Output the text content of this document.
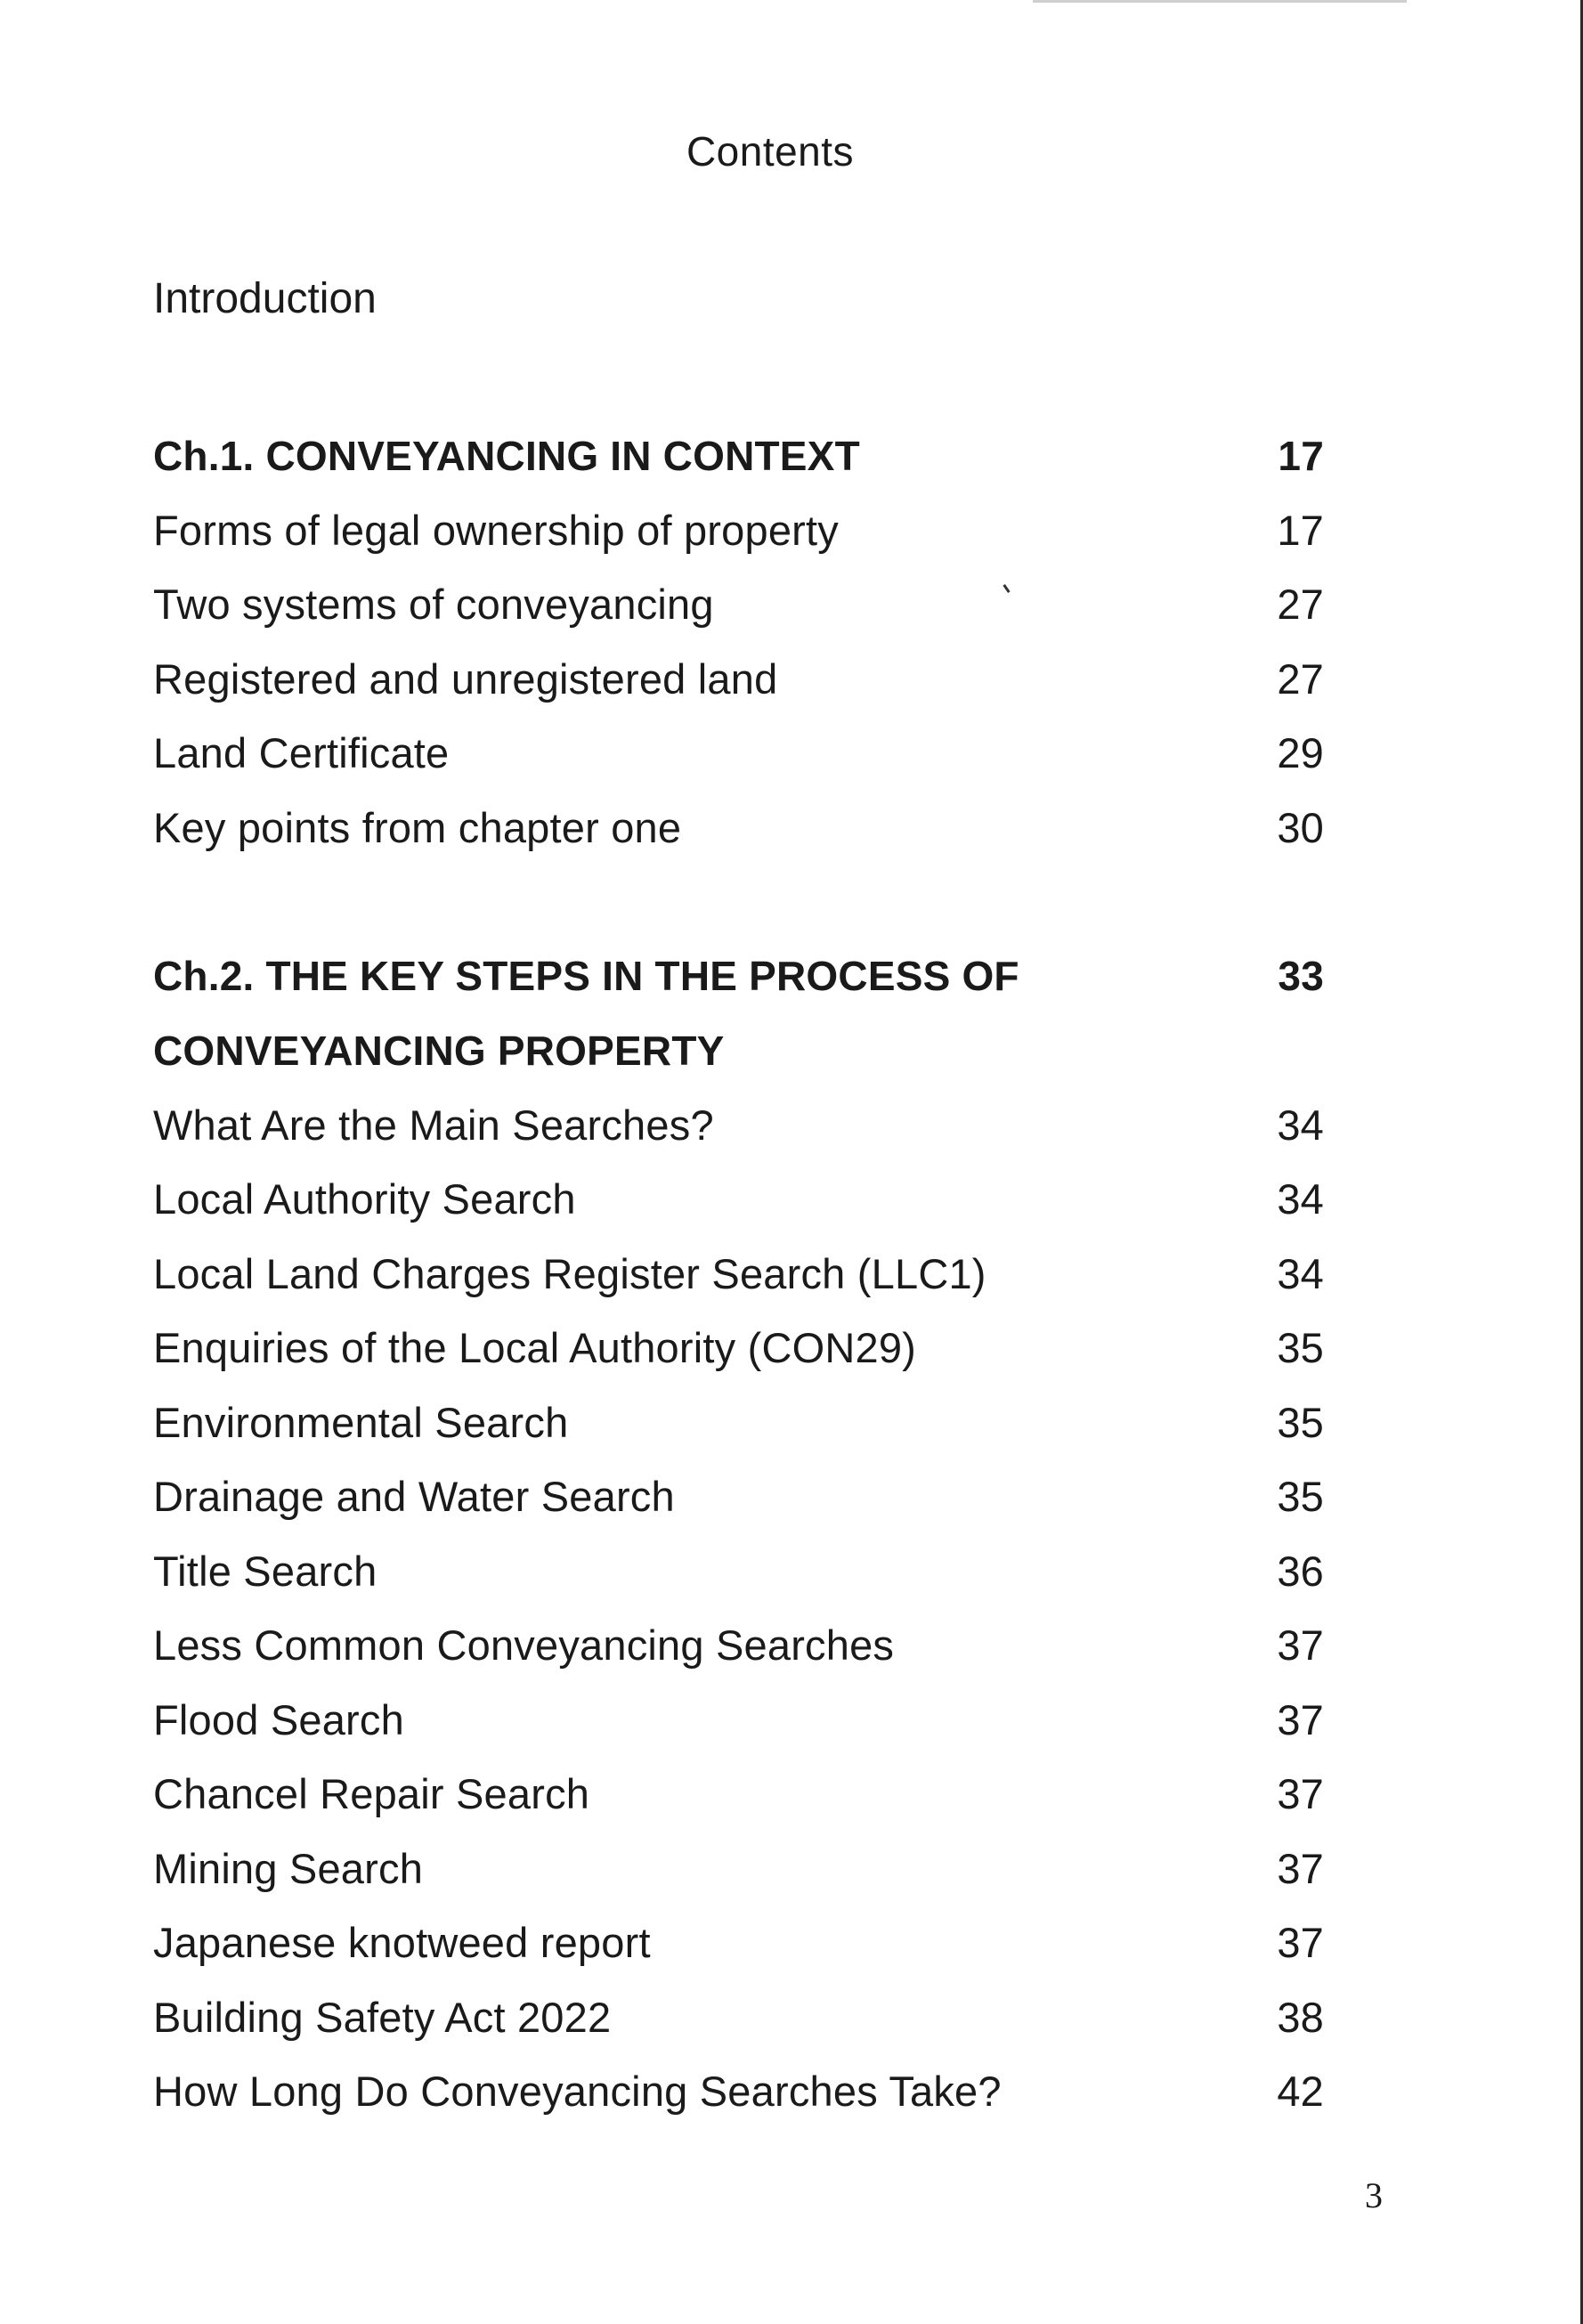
Contents
Introduction
Ch.1. CONVEYANCING IN CONTEXT	17
Forms of legal ownership of property	17
Two systems of conveyancing	27
Registered and unregistered land	27
Land Certificate	29
Key points from chapter one	30
Ch.2. THE KEY STEPS IN THE PROCESS OF	33
CONVEYANCING PROPERTY
What Are the Main Searches?	34
Local Authority Search	34
Local Land Charges Register Search (LLC1)	34
Enquiries of the Local Authority (CON29)	35
Environmental Search	35
Drainage and Water Search	35
Title Search	36
Less Common Conveyancing Searches	37
Flood Search	37
Chancel Repair Search	37
Mining Search	37
Japanese knotweed report	37
Building Safety Act 2022	38
How Long Do Conveyancing Searches Take?	42
3
